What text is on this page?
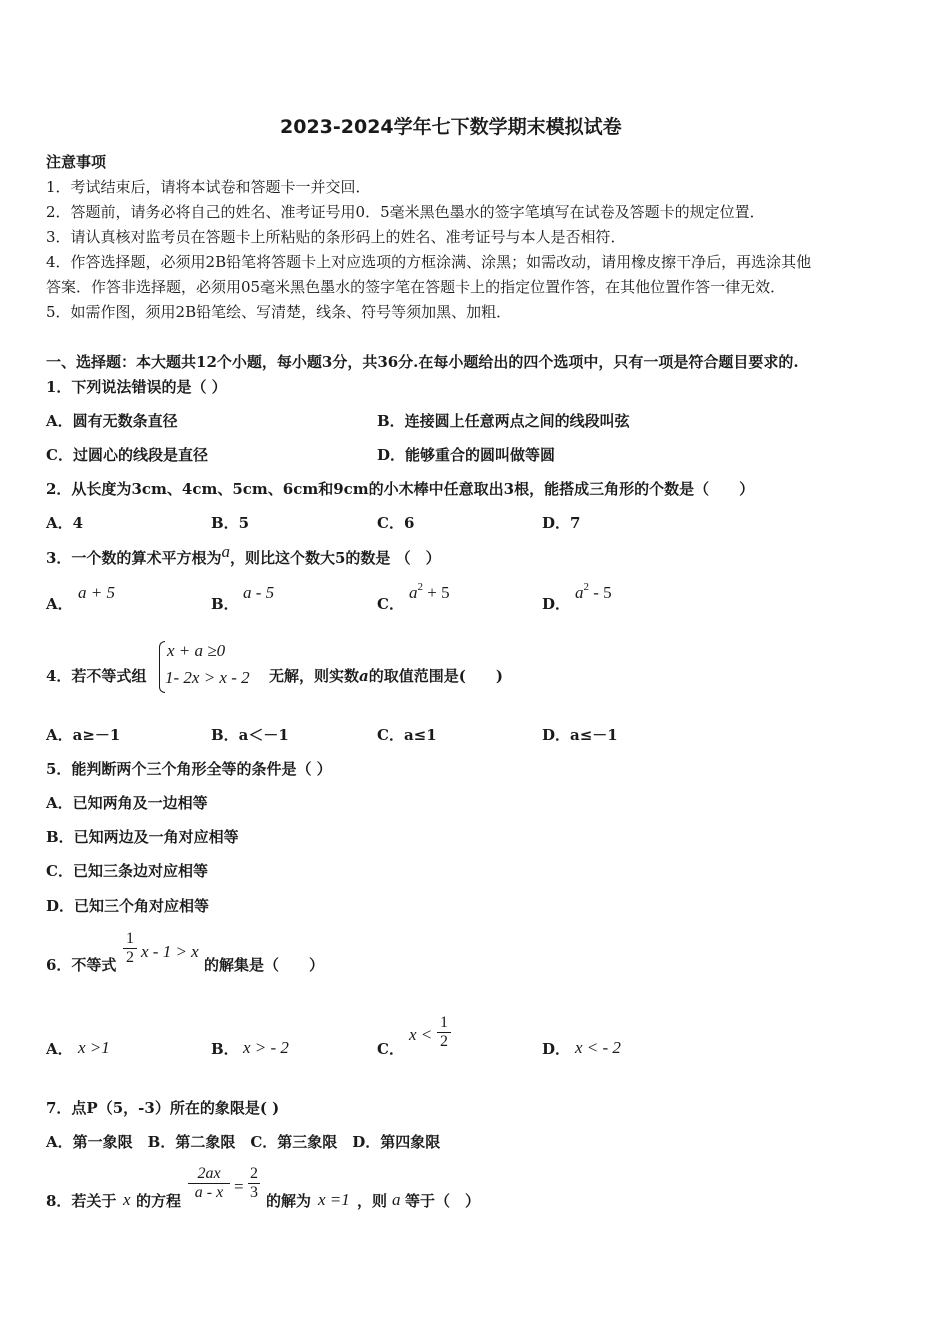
2023-2024学年七下数学期末模拟试卷
注意事项
1．考试结束后，请将本试卷和答题卡一并交回．
2．答题前，请务必将自己的姓名、准考证号用0．5毫米黑色墨水的签字笔填写在试卷及答题卡的规定位置．
3．请认真核对监考员在答题卡上所粘贴的条形码上的姓名、准考证号与本人是否相符．
4．作答选择题，必须用2B铅笔将答题卡上对应选项的方框涂满、涂黑；如需改动，请用橡皮擦干净后，再选涂其他
答案．作答非选择题，必须用05毫米黑色墨水的签字笔在答题卡上的指定位置作答，在其他位置作答一律无效．
5．如需作图，须用2B铅笔绘、写清楚，线条、符号等须加黑、加粗．
一、选择题：本大题共12个小题，每小题3分，共36分.在每小题给出的四个选项中，只有一项是符合题目要求的.
1．下列说法错误的是（ ）
A．圆有无数条直径	B．连接圆上任意两点之间的线段叫弦
C．过圆心的线段是直径	D．能够重合的圆叫做等圆
2．从长度为3cm、4cm、5cm、6cm和9cm的小木棒中任意取出3根，能搭成三角形的个数是（　　）
A．4	B．5	C．6	D．7
3．一个数的算术平方根为a，则比这个数大5的数是 （　）
A．
a + 5
B．
a - 5
C．
$a^2 + 5$
D．
$a^2 - 5$
4．若不等式组
x + a ≥0
1- 2x > x - 2 无解，则实数a的取值范围是(　　)
A．a≥－1	B．a＜－1	C．a≤1	D．a≤－1
5．能判断两个三个角形全等的条件是（ ）
A．已知两角及一边相等
B．已知两边及一角对应相等
C．已知三条边对应相等
D．已知三个角对应相等
6．不等式
1
2 x - 1 > x
的解集是（　　）
A． x >1	B． x > - 2	C．
x <
1
2	D． x < - 2
7．点P（5，-3）所在的象限是( )
A．第一象限　B．第二象限　C．第三象限　D．第四象限
8．若关于 x 的方程
2ax
a - x =
2
3 的解为 x =1 ，则 a 等于（　）
